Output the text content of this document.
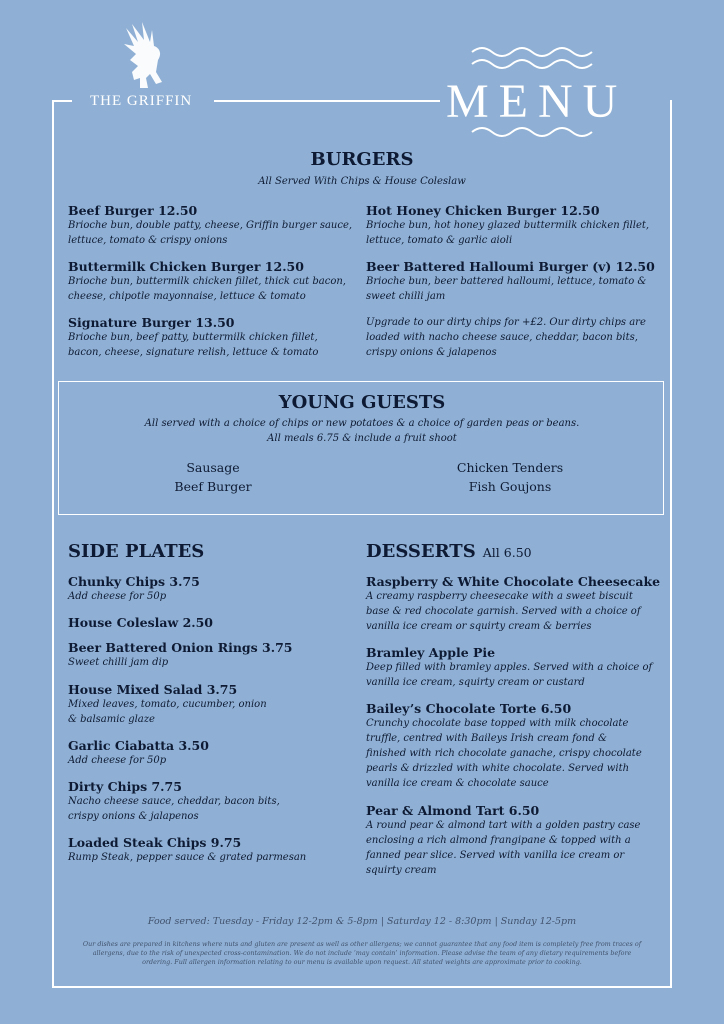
THE GRIFFIN	MENU
BURGERS
All Served With Chips & House Coleslaw
Beef Burger 12.50
Brioche bun, double patty, cheese, Griffin burger sauce,
lettuce, tomato & crispy onions
Buttermilk Chicken Burger 12.50
Brioche bun, buttermilk chicken fillet, thick cut bacon,
cheese, chipotle mayonnaise, lettuce & tomato
Signature Burger 13.50
Brioche bun, beef patty, buttermilk chicken fillet,
bacon, cheese, signature relish, lettuce & tomato
Hot Honey Chicken Burger 12.50
Brioche bun, hot honey glazed buttermilk chicken fillet,
lettuce, tomato & garlic aioli
Beer Battered Halloumi Burger (v) 12.50
Brioche bun, beer battered halloumi, lettuce, tomato &
sweet chilli jam
Upgrade to our dirty chips for +£2. Our dirty chips are
loaded with nacho cheese sauce, cheddar, bacon bits,
crispy onions & jalapenos
YOUNG GUESTS
All served with a choice of chips or new potatoes & a choice of garden peas or beans.
All meals 6.75 & include a fruit shoot
Sausage
Beef Burger
Chicken Tenders
Fish Goujons
SIDE PLATES
Chunky Chips 3.75
Add cheese for 50p
House Coleslaw 2.50
Beer Battered Onion Rings 3.75
Sweet chilli jam dip
House Mixed Salad 3.75
Mixed leaves, tomato, cucumber, onion
& balsamic glaze
Garlic Ciabatta 3.50
Add cheese for 50p
Dirty Chips 7.75
Nacho cheese sauce, cheddar, bacon bits,
crispy onions & jalapenos
Loaded Steak Chips 9.75
Rump Steak, pepper sauce & grated parmesan
DESSERTS All 6.50
Raspberry & White Chocolate Cheesecake
A creamy raspberry cheesecake with a sweet biscuit
base & red chocolate garnish. Served with a choice of
vanilla ice cream or squirty cream & berries
Bramley Apple Pie
Deep filled with bramley apples. Served with a choice of
vanilla ice cream, squirty cream or custard
Bailey’s Chocolate Torte 6.50
Crunchy chocolate base topped with milk chocolate
truffle, centred with Baileys Irish cream fond &
finished with rich chocolate ganache, crispy chocolate
pearls & drizzled with white chocolate. Served with
vanilla ice cream & chocolate sauce
Pear & Almond Tart 6.50
A round pear & almond tart with a golden pastry case
enclosing a rich almond frangipane & topped with a
fanned pear slice. Served with vanilla ice cream or
squirty cream
Food served: Tuesday - Friday 12-2pm & 5-8pm | Saturday 12 - 8:30pm | Sunday 12-5pm
Our dishes are prepared in kitchens where nuts and gluten are present as well as other allergens; we cannot guarantee that any food item is completely free from traces of
allergens, due to the risk of unexpected cross-contamination. We do not include ‘may contain’ information. Please advise the team of any dietary requirements before
ordering. Full allergen information relating to our menu is available upon request. All stated weights are approximate prior to cooking.
